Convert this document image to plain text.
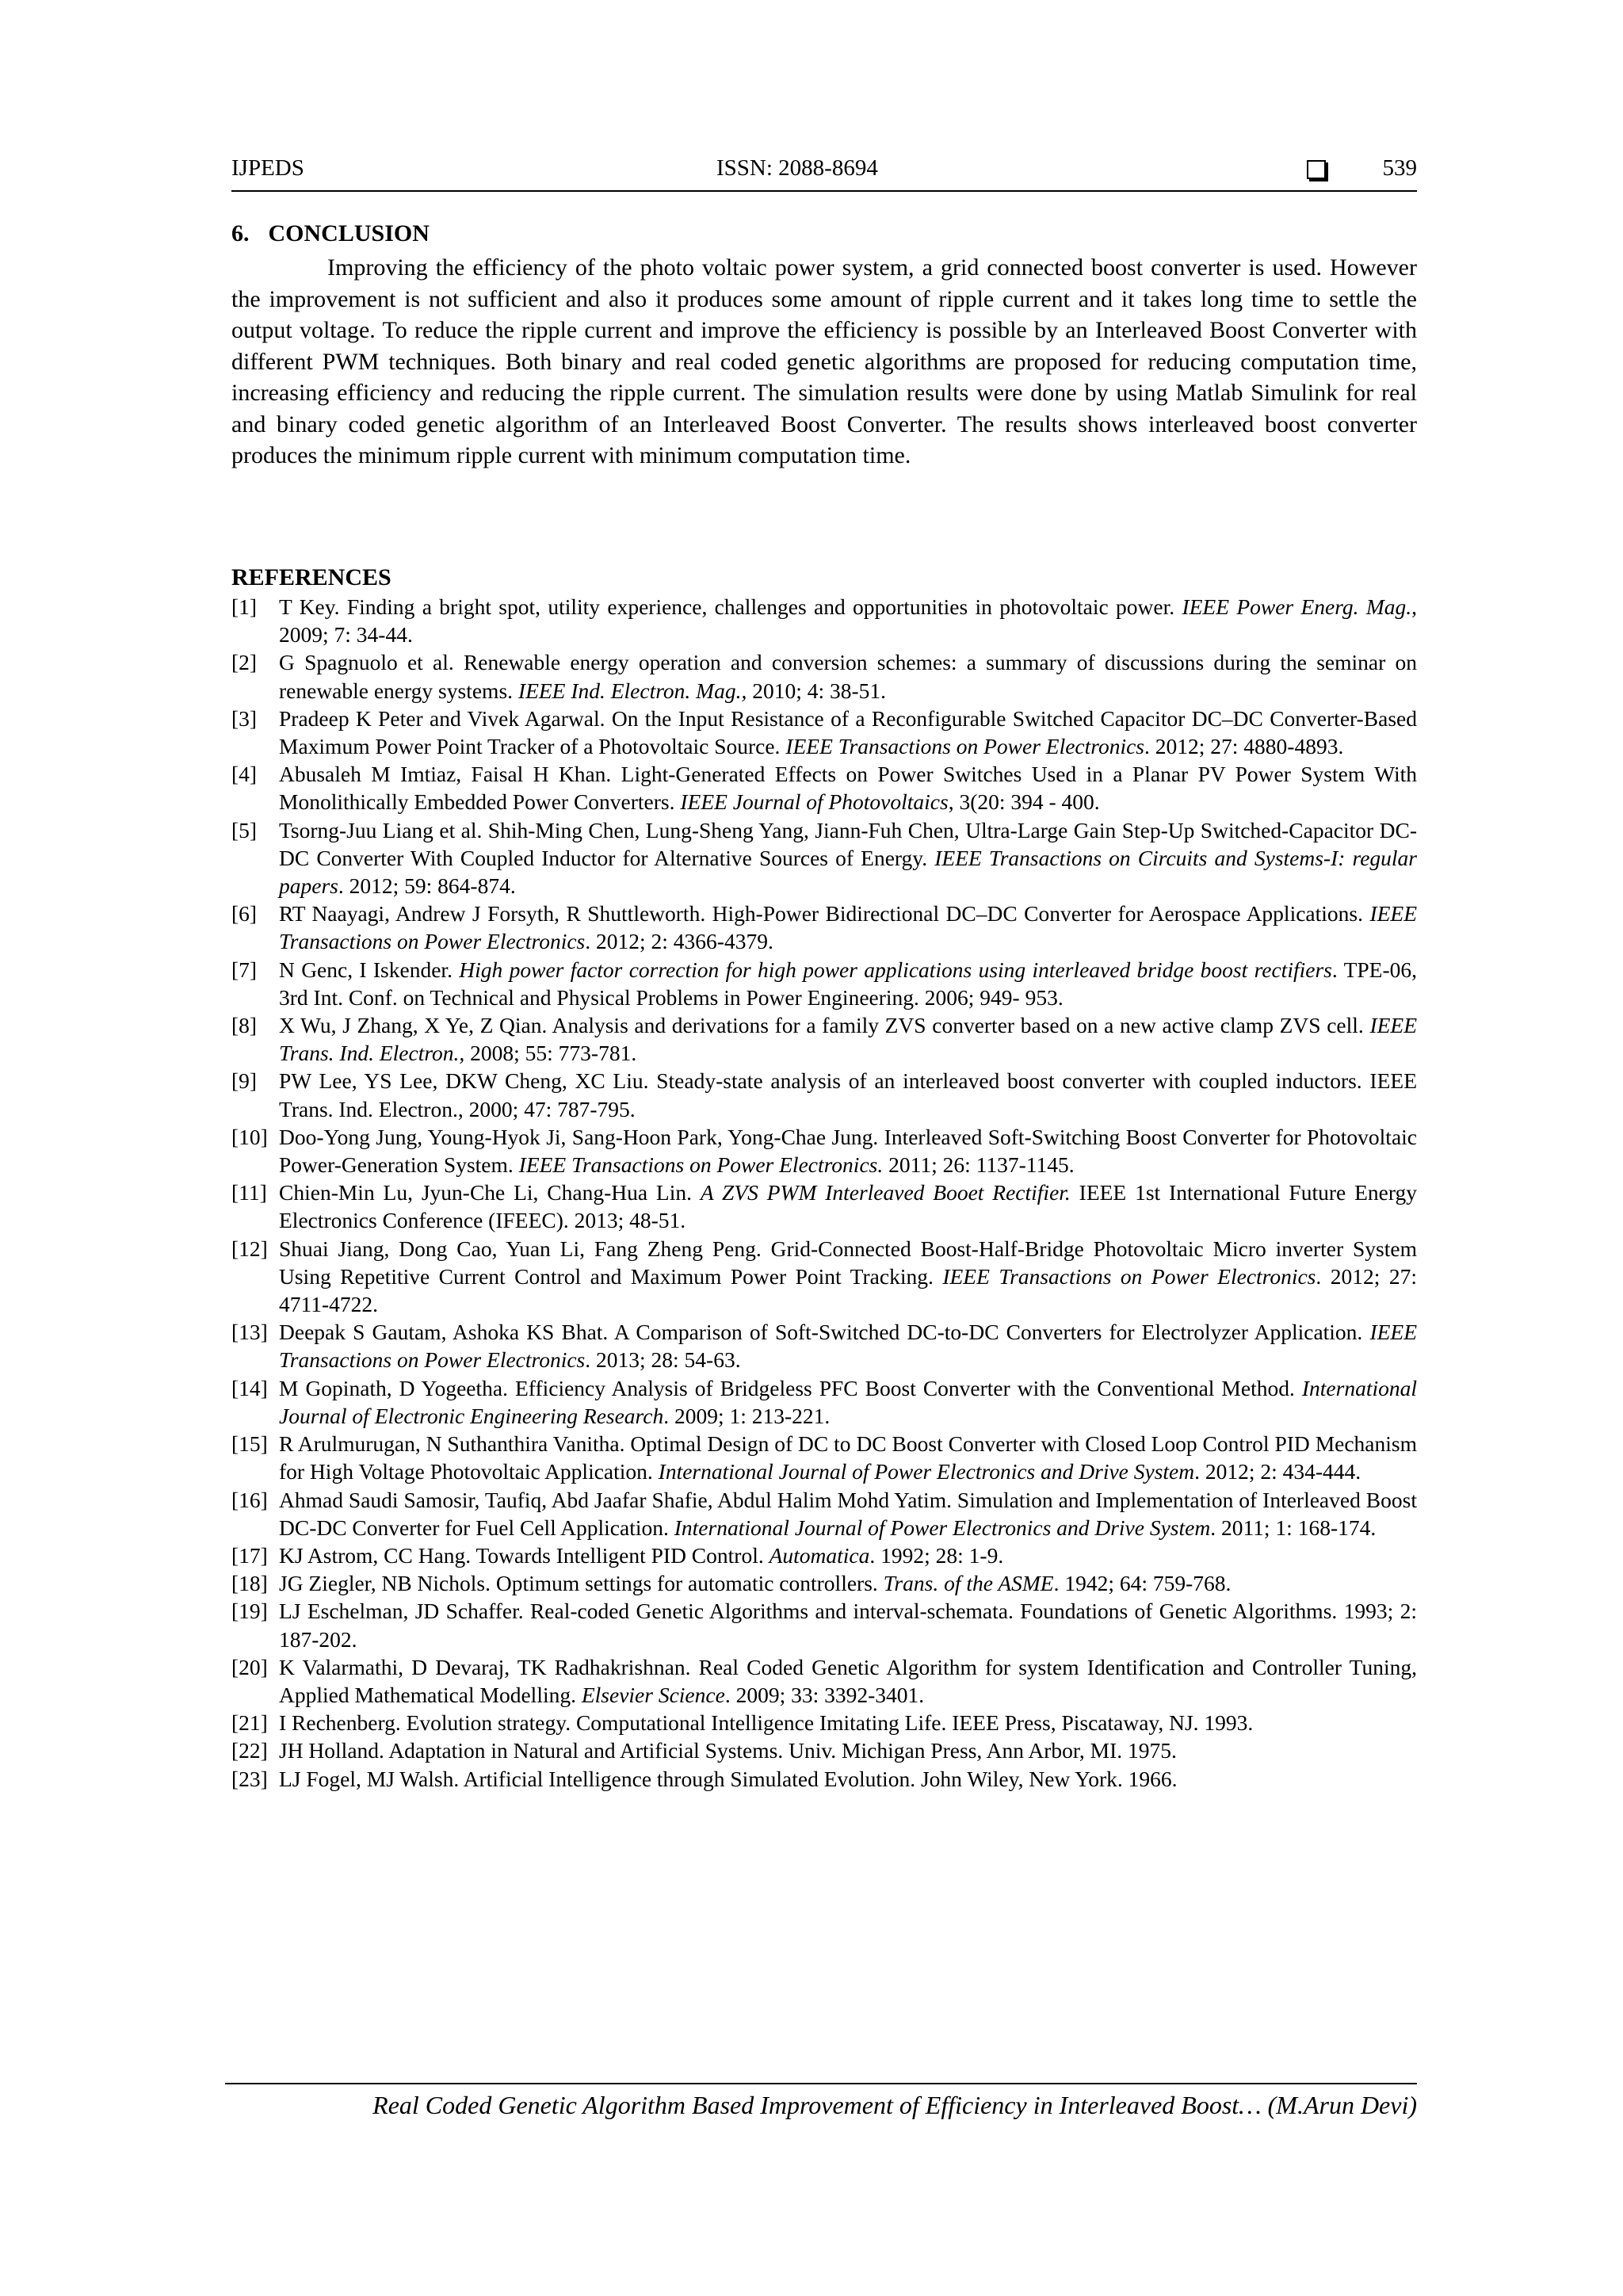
IJPEDS	ISSN: 2088-8694	539
6. CONCLUSION

Improving the efficiency of the photo voltaic power system, a grid connected boost converter is used. However the improvement is not sufficient and also it produces some amount of ripple current and it takes long time to settle the output voltage. To reduce the ripple current and improve the efficiency is possible by an Interleaved Boost Converter with different PWM techniques. Both binary and real coded genetic algorithms are proposed for reducing computation time, increasing efficiency and reducing the ripple current. The simulation results were done by using Matlab Simulink for real and binary coded genetic algorithm of an Interleaved Boost Converter. The results shows interleaved boost converter produces the minimum ripple current with minimum computation time.

REFERENCES
[1] T Key. Finding a bright spot, utility experience, challenges and opportunities in photovoltaic power. IEEE Power Energ. Mag., 2009; 7: 34-44.
[2] G Spagnuolo et al. Renewable energy operation and conversion schemes: a summary of discussions during the seminar on renewable energy systems. IEEE Ind. Electron. Mag., 2010; 4: 38-51.
[3] Pradeep K Peter and Vivek Agarwal. On the Input Resistance of a Reconfigurable Switched Capacitor DC–DC Converter-Based Maximum Power Point Tracker of a Photovoltaic Source. IEEE Transactions on Power Electronics. 2012; 27: 4880-4893.
[4] Abusaleh M Imtiaz, Faisal H Khan. Light-Generated Effects on Power Switches Used in a Planar PV Power System With Monolithically Embedded Power Converters. IEEE Journal of Photovoltaics, 3(20: 394 - 400.
[5] Tsorng-Juu Liang et al. Shih-Ming Chen, Lung-Sheng Yang, Jiann-Fuh Chen, Ultra-Large Gain Step-Up Switched-Capacitor DC-DC Converter With Coupled Inductor for Alternative Sources of Energy. IEEE Transactions on Circuits and Systems-I: regular papers. 2012; 59: 864-874.
[6] RT Naayagi, Andrew J Forsyth, R Shuttleworth. High-Power Bidirectional DC–DC Converter for Aerospace Applications. IEEE Transactions on Power Electronics. 2012; 2: 4366-4379.
[7] N Genc, I Iskender. High power factor correction for high power applications using interleaved bridge boost rectifiers. TPE-06, 3rd Int. Conf. on Technical and Physical Problems in Power Engineering. 2006; 949- 953.
[8] X Wu, J Zhang, X Ye, Z Qian. Analysis and derivations for a family ZVS converter based on a new active clamp ZVS cell. IEEE Trans. Ind. Electron., 2008; 55: 773-781.
[9] PW Lee, YS Lee, DKW Cheng, XC Liu. Steady-state analysis of an interleaved boost converter with coupled inductors. IEEE Trans. Ind. Electron., 2000; 47: 787-795.
[10] Doo-Yong Jung, Young-Hyok Ji, Sang-Hoon Park, Yong-Chae Jung. Interleaved Soft-Switching Boost Converter for Photovoltaic Power-Generation System. IEEE Transactions on Power Electronics. 2011; 26: 1137-1145.
[11] Chien-Min Lu, Jyun-Che Li, Chang-Hua Lin. A ZVS PWM Interleaved Booet Rectifier. IEEE 1st International Future Energy Electronics Conference (IFEEC). 2013; 48-51.
[12] Shuai Jiang, Dong Cao, Yuan Li, Fang Zheng Peng. Grid-Connected Boost-Half-Bridge Photovoltaic Micro inverter System Using Repetitive Current Control and Maximum Power Point Tracking. IEEE Transactions on Power Electronics. 2012; 27: 4711-4722.
[13] Deepak S Gautam, Ashoka KS Bhat. A Comparison of Soft-Switched DC-to-DC Converters for Electrolyzer Application. IEEE Transactions on Power Electronics. 2013; 28: 54-63.
[14] M Gopinath, D Yogeetha. Efficiency Analysis of Bridgeless PFC Boost Converter with the Conventional Method. International Journal of Electronic Engineering Research. 2009; 1: 213-221.
[15] R Arulmurugan, N Suthanthira Vanitha. Optimal Design of DC to DC Boost Converter with Closed Loop Control PID Mechanism for High Voltage Photovoltaic Application. International Journal of Power Electronics and Drive System. 2012; 2: 434-444.
[16] Ahmad Saudi Samosir, Taufiq, Abd Jaafar Shafie, Abdul Halim Mohd Yatim. Simulation and Implementation of Interleaved Boost DC-DC Converter for Fuel Cell Application. International Journal of Power Electronics and Drive System. 2011; 1: 168-174.
[17] KJ Astrom, CC Hang. Towards Intelligent PID Control. Automatica. 1992; 28: 1-9.
[18] JG Ziegler, NB Nichols. Optimum settings for automatic controllers. Trans. of the ASME. 1942; 64: 759-768.
[19] LJ Eschelman, JD Schaffer. Real-coded Genetic Algorithms and interval-schemata. Foundations of Genetic Algorithms. 1993; 2: 187-202.
[20] K Valarmathi, D Devaraj, TK Radhakrishnan. Real Coded Genetic Algorithm for system Identification and Controller Tuning, Applied Mathematical Modelling. Elsevier Science. 2009; 33: 3392-3401.
[21] I Rechenberg. Evolution strategy. Computational Intelligence Imitating Life. IEEE Press, Piscataway, NJ. 1993.
[22] JH Holland. Adaptation in Natural and Artificial Systems. Univ. Michigan Press, Ann Arbor, MI. 1975.
[23] LJ Fogel, MJ Walsh. Artificial Intelligence through Simulated Evolution. John Wiley, New York. 1966.
Real Coded Genetic Algorithm Based Improvement of Efficiency in Interleaved Boost… (M.Arun Devi)
